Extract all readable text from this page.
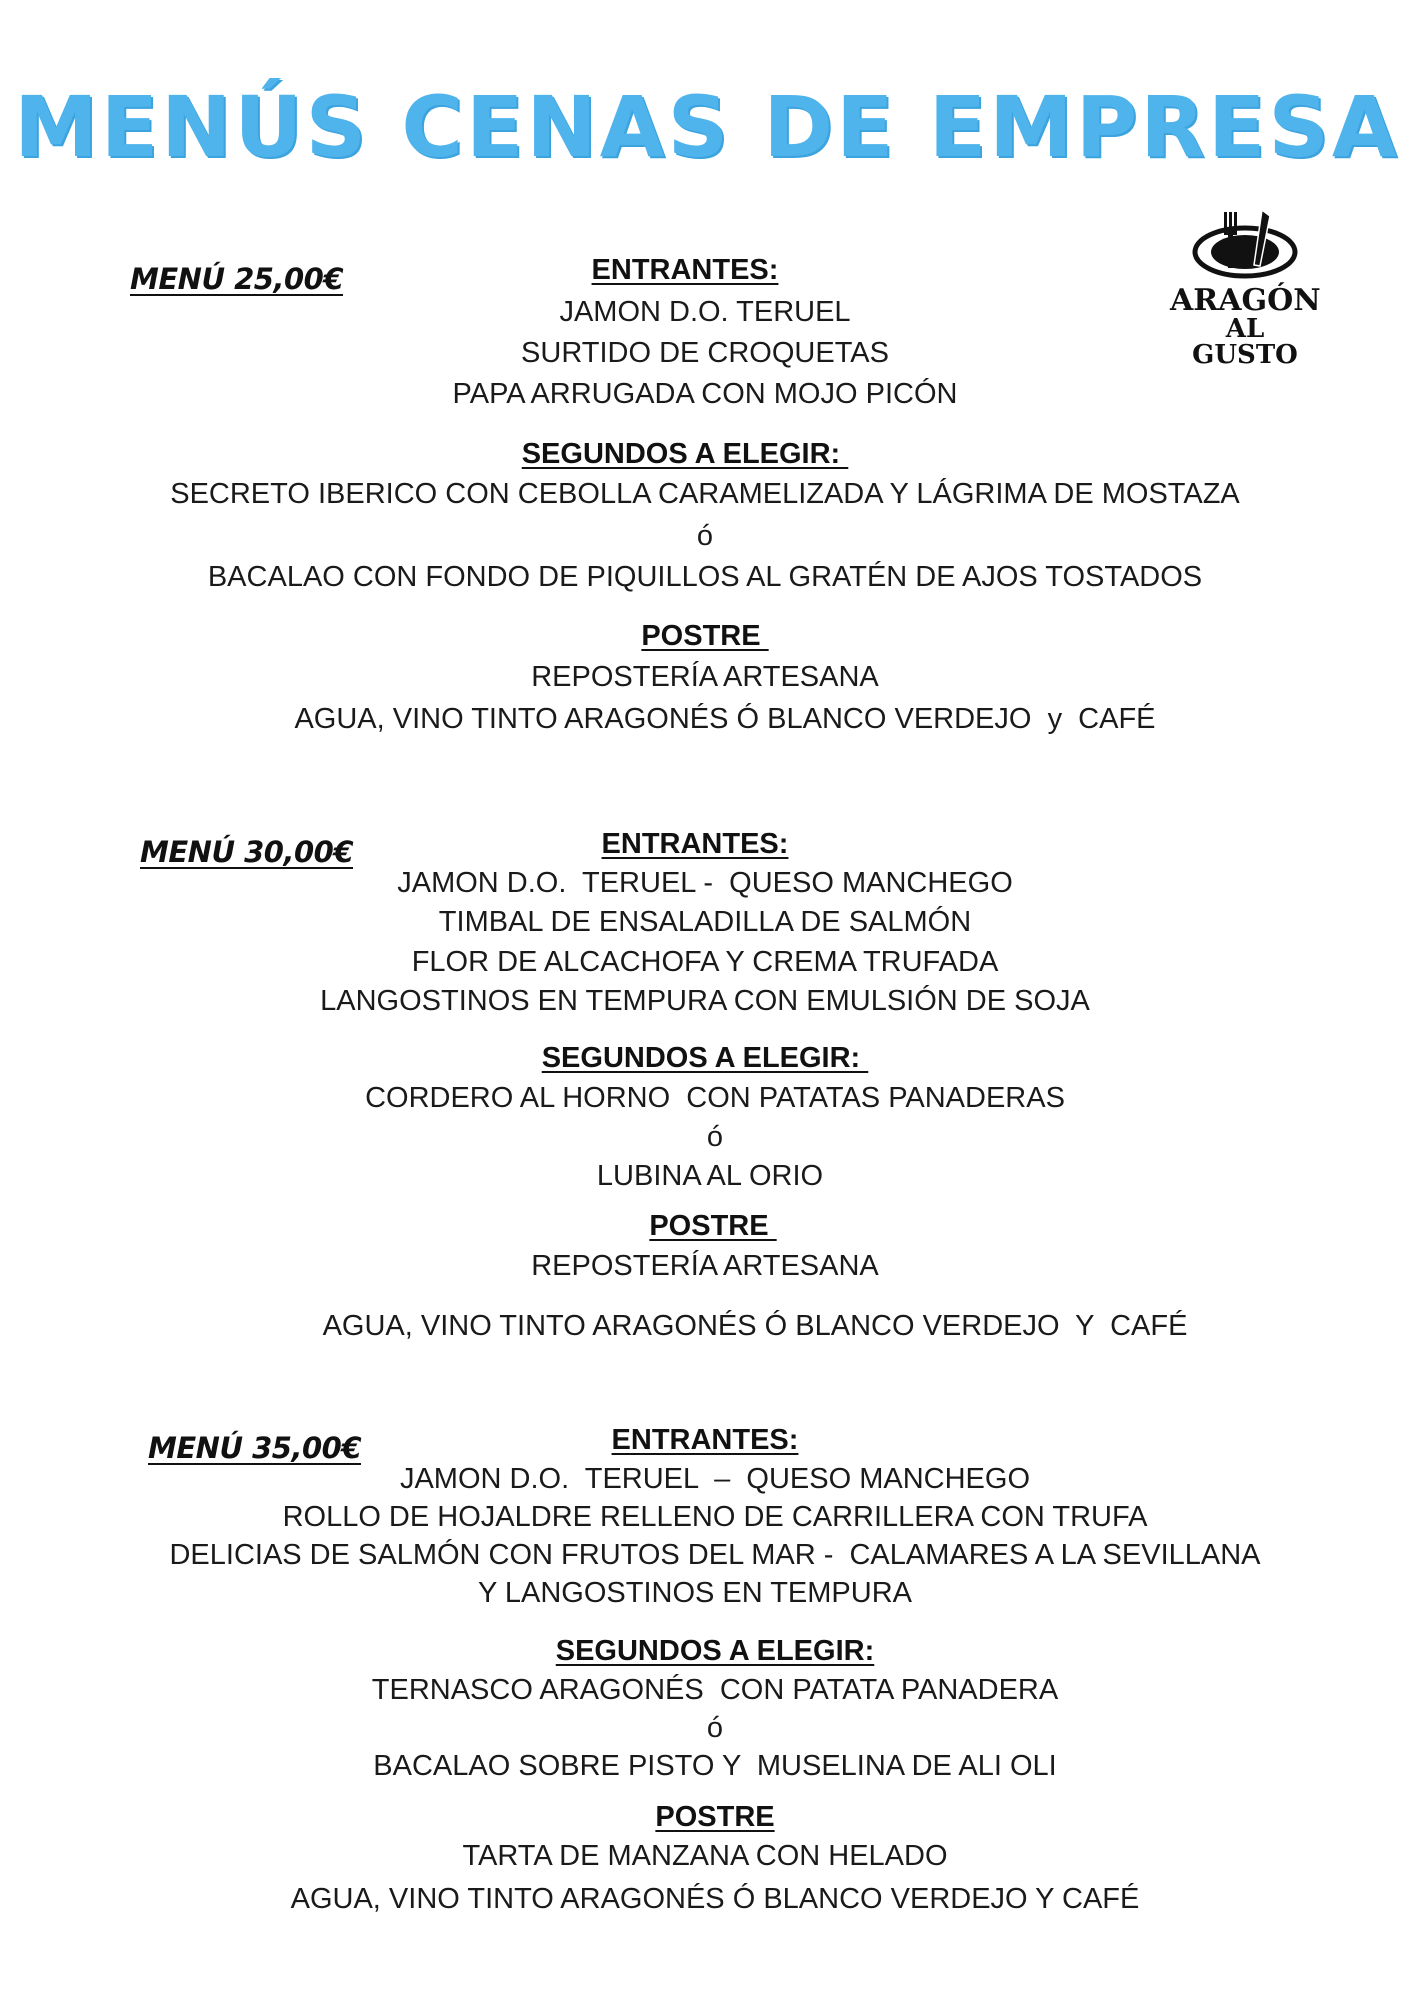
MENÚS CENAS DE EMPRESA
ARAGÓN
AL GUSTO
MENÚ 25,00€	ENTRANTES:
JAMON D.O. TERUEL
SURTIDO DE CROQUETAS
PAPA ARRUGADA CON MOJO PICÓN
SEGUNDOS A ELEGIR:
SECRETO IBERICO CON CEBOLLA CARAMELIZADA Y LÁGRIMA DE MOSTAZA
ó
BACALAO CON FONDO DE PIQUILLOS AL GRATÉN DE AJOS TOSTADOS
POSTRE
REPOSTERÍA ARTESANA
AGUA, VINO TINTO ARAGONÉS Ó BLANCO VERDEJO  y  CAFÉ
MENÚ 30,00€	ENTRANTES:
JAMON D.O.  TERUEL -  QUESO MANCHEGO
TIMBAL DE ENSALADILLA DE SALMÓN
FLOR DE ALCACHOFA Y CREMA TRUFADA
LANGOSTINOS EN TEMPURA CON EMULSIÓN DE SOJA
SEGUNDOS A ELEGIR:
CORDERO AL HORNO  CON PATATAS PANADERAS
ó
LUBINA AL ORIO
POSTRE
REPOSTERÍA ARTESANA
AGUA, VINO TINTO ARAGONÉS Ó BLANCO VERDEJO  Y  CAFÉ
MENÚ 35,00€	ENTRANTES:
JAMON D.O.  TERUEL  –  QUESO MANCHEGO
ROLLO DE HOJALDRE RELLENO DE CARRILLERA CON TRUFA
DELICIAS DE SALMÓN CON FRUTOS DEL MAR -  CALAMARES A LA SEVILLANA
Y LANGOSTINOS EN TEMPURA
SEGUNDOS A ELEGIR:
TERNASCO ARAGONÉS  CON PATATA PANADERA
ó
BACALAO SOBRE PISTO Y  MUSELINA DE ALI OLI
POSTRE
TARTA DE MANZANA CON HELADO
AGUA, VINO TINTO ARAGONÉS Ó BLANCO VERDEJO Y CAFÉ
